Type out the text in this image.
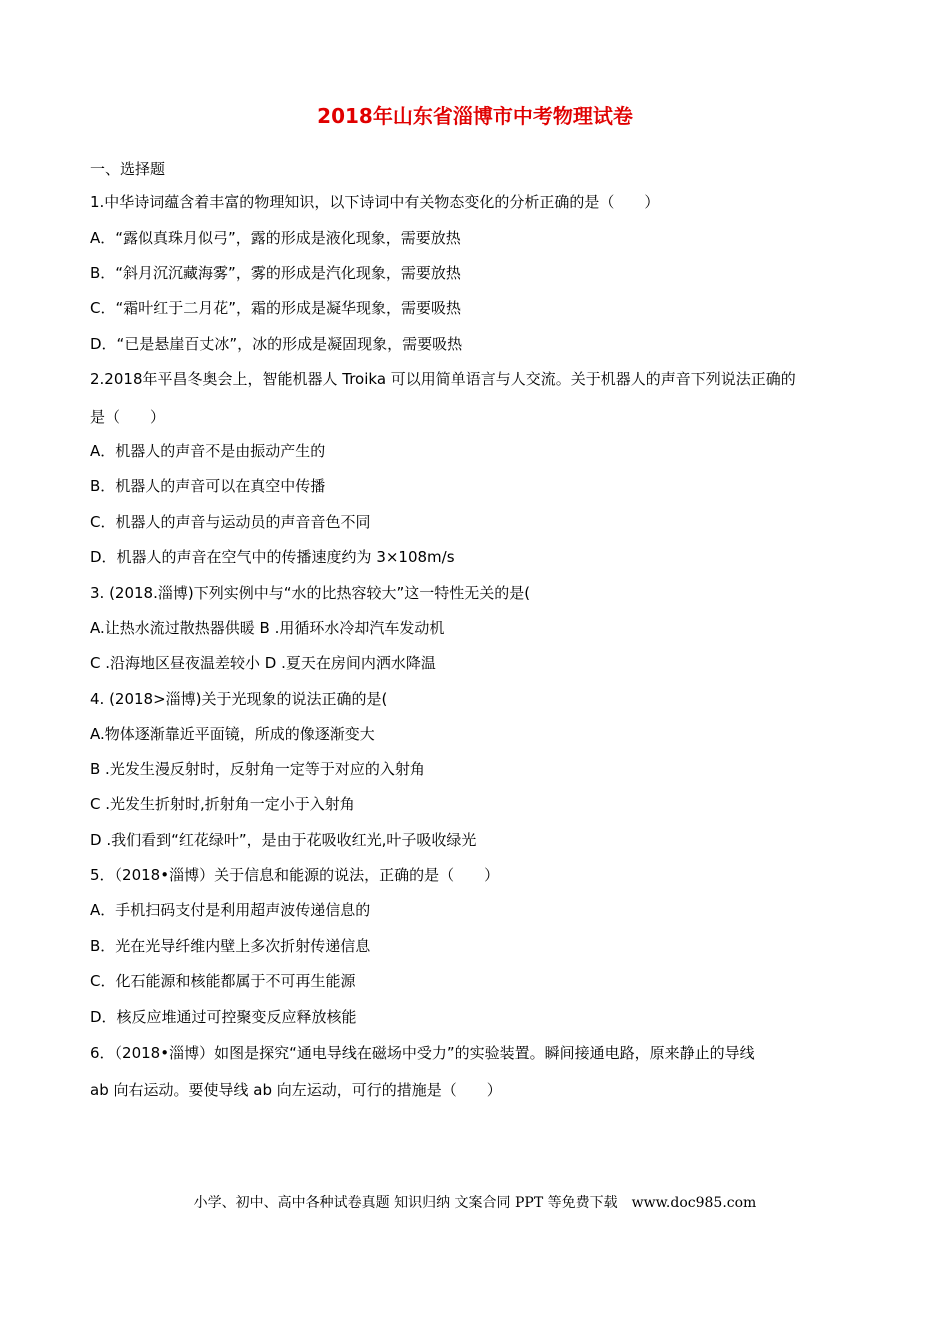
2018年山东省淄博市中考物理试卷
一、选择题
1.中华诗词蕴含着丰富的物理知识，以下诗词中有关物态变化的分析正确的是（　　）
A．“露似真珠月似弓”，露的形成是液化现象，需要放热
B．“斜月沉沉藏海雾”，雾的形成是汽化现象，需要放热
C．“霜叶红于二月花”，霜的形成是凝华现象，需要吸热
D．“已是悬崖百丈冰”，冰的形成是凝固现象，需要吸热
2.2018年平昌冬奥会上，智能机器人 Troika 可以用简单语言与人交流。关于机器人的声音下列说法正确的
是（　　）
A．机器人的声音不是由振动产生的
B．机器人的声音可以在真空中传播
C．机器人的声音与运动员的声音音色不同
D．机器人的声音在空气中的传播速度约为 3×108m/s
3. (2018.淄博)下列实例中与“水的比热容较大”这一特性无关的是(
A.让热水流过散热器供暖 B .用循环水冷却汽车发动机
C .沿海地区昼夜温差较小 D .夏天在房间内洒水降温
4. (2018>淄博)关于光现象的说法正确的是(
A.物体逐渐靠近平面镜，所成的像逐渐变大
B .光发生漫反射时，反射角一定等于对应的入射角
C .光发生折射时,折射角一定小于入射角
D .我们看到“红花绿叶”，是由于花吸收红光,叶子吸收绿光
5．（2018•淄博）关于信息和能源的说法，正确的是（　　）
A．手机扫码支付是利用超声波传递信息的
B．光在光导纤维内壁上多次折射传递信息
C．化石能源和核能都属于不可再生能源
D．核反应堆通过可控聚变反应释放核能
6．（2018•淄博）如图是探究“通电导线在磁场中受力”的实验装置。瞬间接通电路，原来静止的导线
ab 向右运动。要使导线 ab 向左运动，可行的措施是（　　）
小学、初中、高中各种试卷真题 知识归纳 文案合同 PPT 等免费下载　www.doc985.com
